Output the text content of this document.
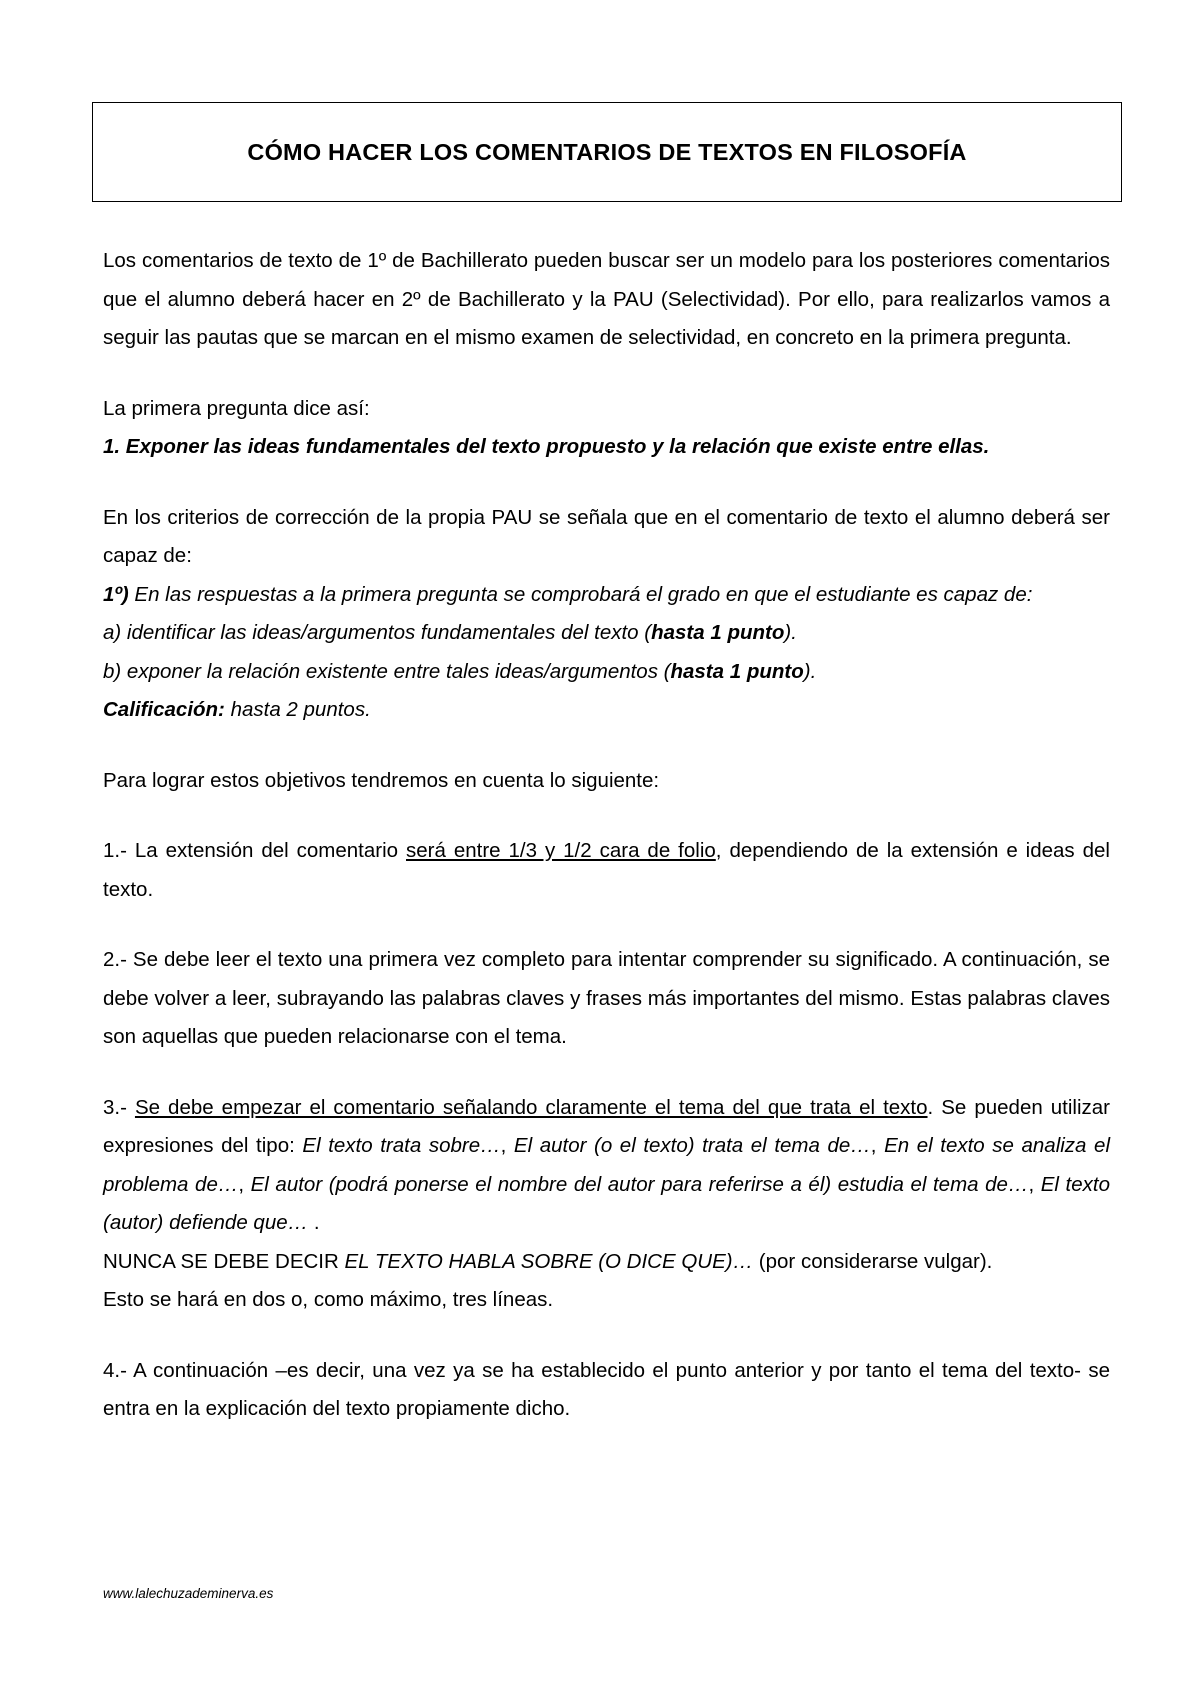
CÓMO HACER LOS COMENTARIOS DE TEXTOS EN FILOSOFÍA

Los comentarios de texto de 1º de Bachillerato pueden buscar ser un modelo para los posteriores comentarios que el alumno deberá hacer en 2º de Bachillerato y la PAU (Selectividad). Por ello, para realizarlos vamos a seguir las pautas que se marcan en el mismo examen de selectividad, en concreto en la primera pregunta.

La primera pregunta dice así:

1. Exponer las ideas fundamentales del texto propuesto y la relación que existe entre ellas.

En los criterios de corrección de la propia PAU se señala que en el comentario de texto el alumno deberá ser capaz de:

1º) En las respuestas a la primera pregunta se comprobará el grado en que el estudiante es capaz de:

a) identificar las ideas/argumentos fundamentales del texto (hasta 1 punto).

b) exponer la relación existente entre tales ideas/argumentos (hasta 1 punto).

Calificación: hasta 2 puntos.

Para lograr estos objetivos tendremos en cuenta lo siguiente:

1.- La extensión del comentario será entre 1/3 y 1/2 cara de folio, dependiendo de la extensión e ideas del texto.

2.- Se debe leer el texto una primera vez completo para intentar comprender su significado. A continuación, se debe volver a leer, subrayando las palabras claves y frases más importantes del mismo. Estas palabras claves son aquellas que pueden relacionarse con el tema.

3.- Se debe empezar el comentario señalando claramente el tema del que trata el texto. Se pueden utilizar expresiones del tipo: El texto trata sobre…, El autor (o el texto) trata el tema de…, En el texto se analiza el problema de…, El autor (podrá ponerse el nombre del autor para referirse a él) estudia el tema de…, El texto (autor) defiende que… .

NUNCA SE DEBE DECIR EL TEXTO HABLA SOBRE (O DICE QUE)… (por considerarse vulgar).

Esto se hará en dos o, como máximo, tres líneas.

4.- A continuación –es decir, una vez ya se ha establecido el punto anterior y por tanto el tema del texto- se entra en la explicación del texto propiamente dicho.

www.lalechuzademinerva.es
